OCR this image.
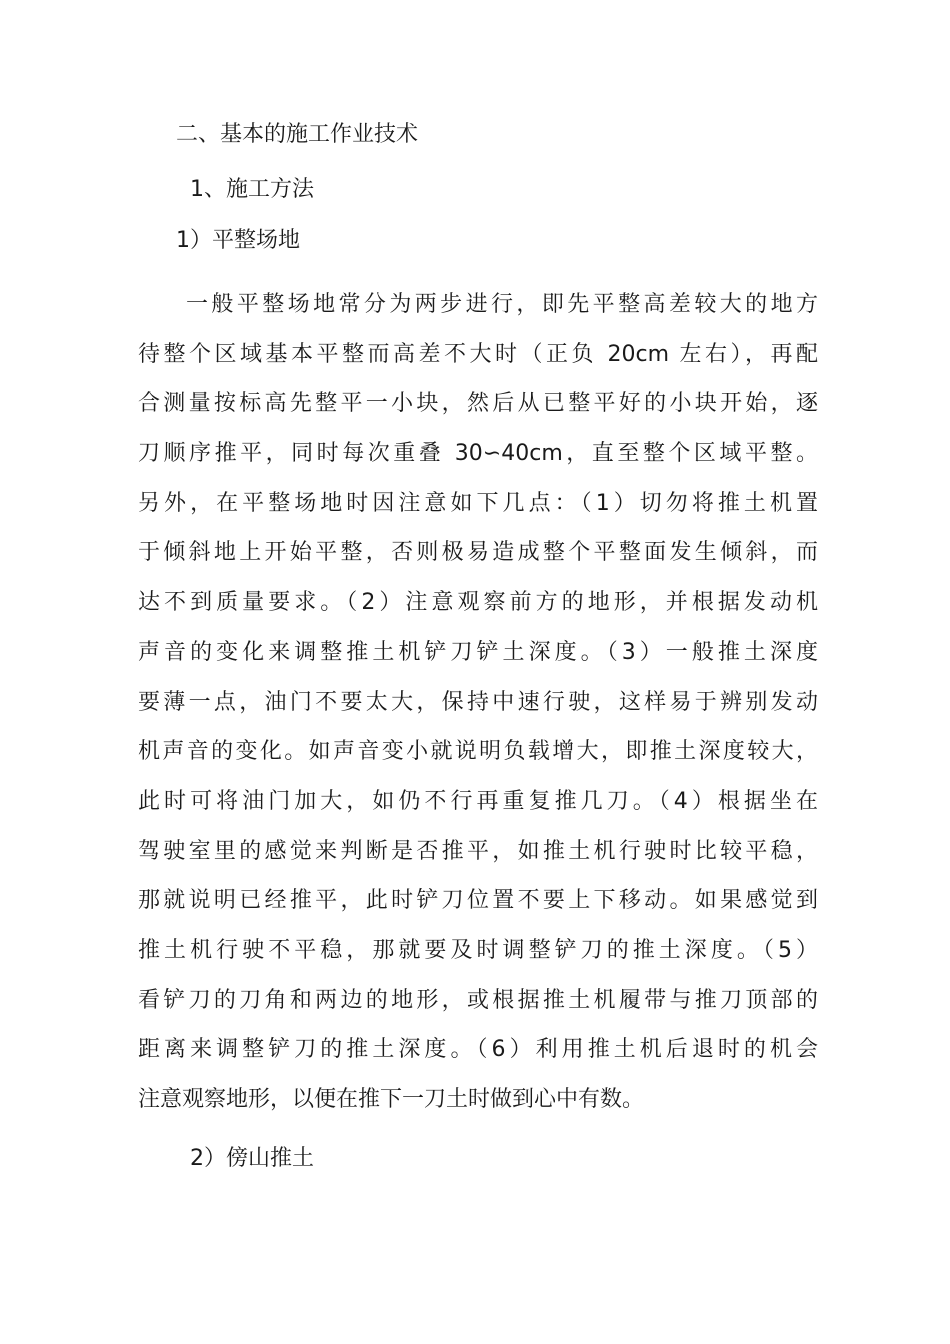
二、基本的施工作业技术
1、施工方法
1）平整场地
一般平整场地常分为两步进行，即先平整高差较大的地方
待整个区域基本平整而高差不大时（正负 20cm 左右），再配
合测量按标高先整平一小块，然后从已整平好的小块开始，逐
刀顺序推平，同时每次重叠 30∽40cm，直至整个区域平整。
另外，在平整场地时因注意如下几点：（1）切勿将推土机置
于倾斜地上开始平整，否则极易造成整个平整面发生倾斜，而
达不到质量要求。（2）注意观察前方的地形，并根据发动机
声音的变化来调整推土机铲刀铲土深度。（3）一般推土深度
要薄一点，油门不要太大，保持中速行驶，这样易于辨别发动
机声音的变化。如声音变小就说明负载增大，即推土深度较大，
此时可将油门加大，如仍不行再重复推几刀。（4）根据坐在
驾驶室里的感觉来判断是否推平，如推土机行驶时比较平稳，
那就说明已经推平，此时铲刀位置不要上下移动。如果感觉到
推土机行驶不平稳，那就要及时调整铲刀的推土深度。（5）
看铲刀的刀角和两边的地形，或根据推土机履带与推刀顶部的
距离来调整铲刀的推土深度。（6）利用推土机后退时的机会
注意观察地形，以便在推下一刀土时做到心中有数。
2）傍山推土
